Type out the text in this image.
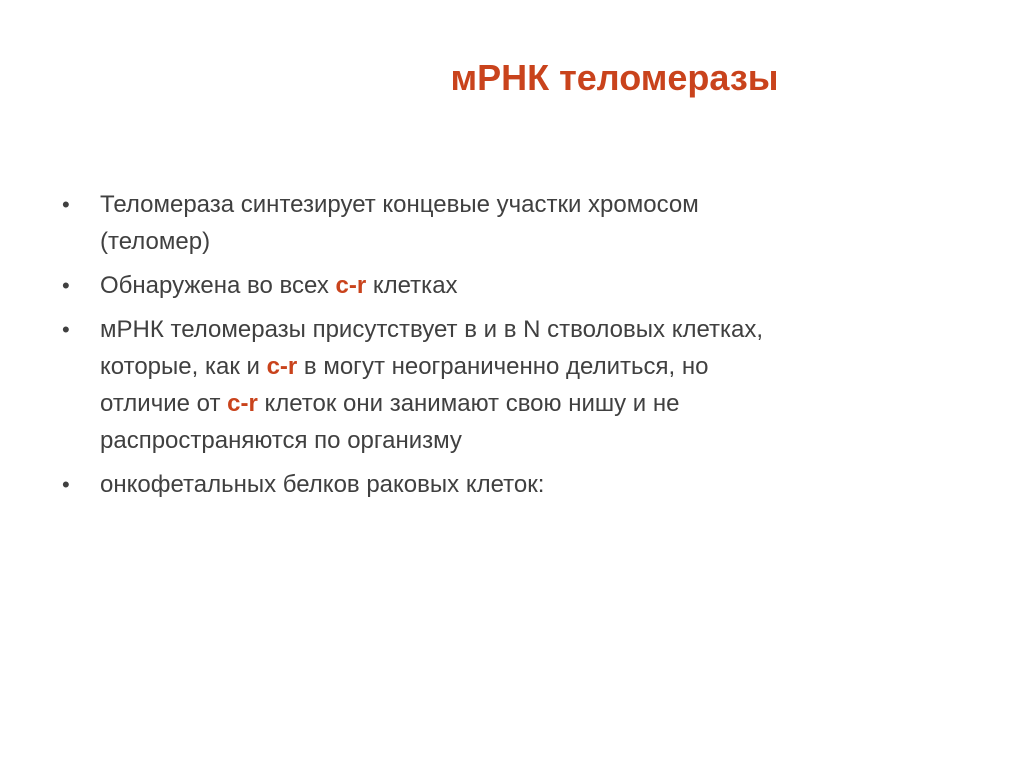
мРНК теломеразы
• Теломераза синтезирует концевые участки хромосом
(теломер)
• Обнаружена во всех с-r клетках
• мРНК теломеразы присутствует в и в N стволовых клетках,
которые, как и с-r в могут неограниченно делиться, но
отличие от с-r клеток они занимают свою нишу и не
распространяются по организму
• онкофетальных белков раковых клеток:
